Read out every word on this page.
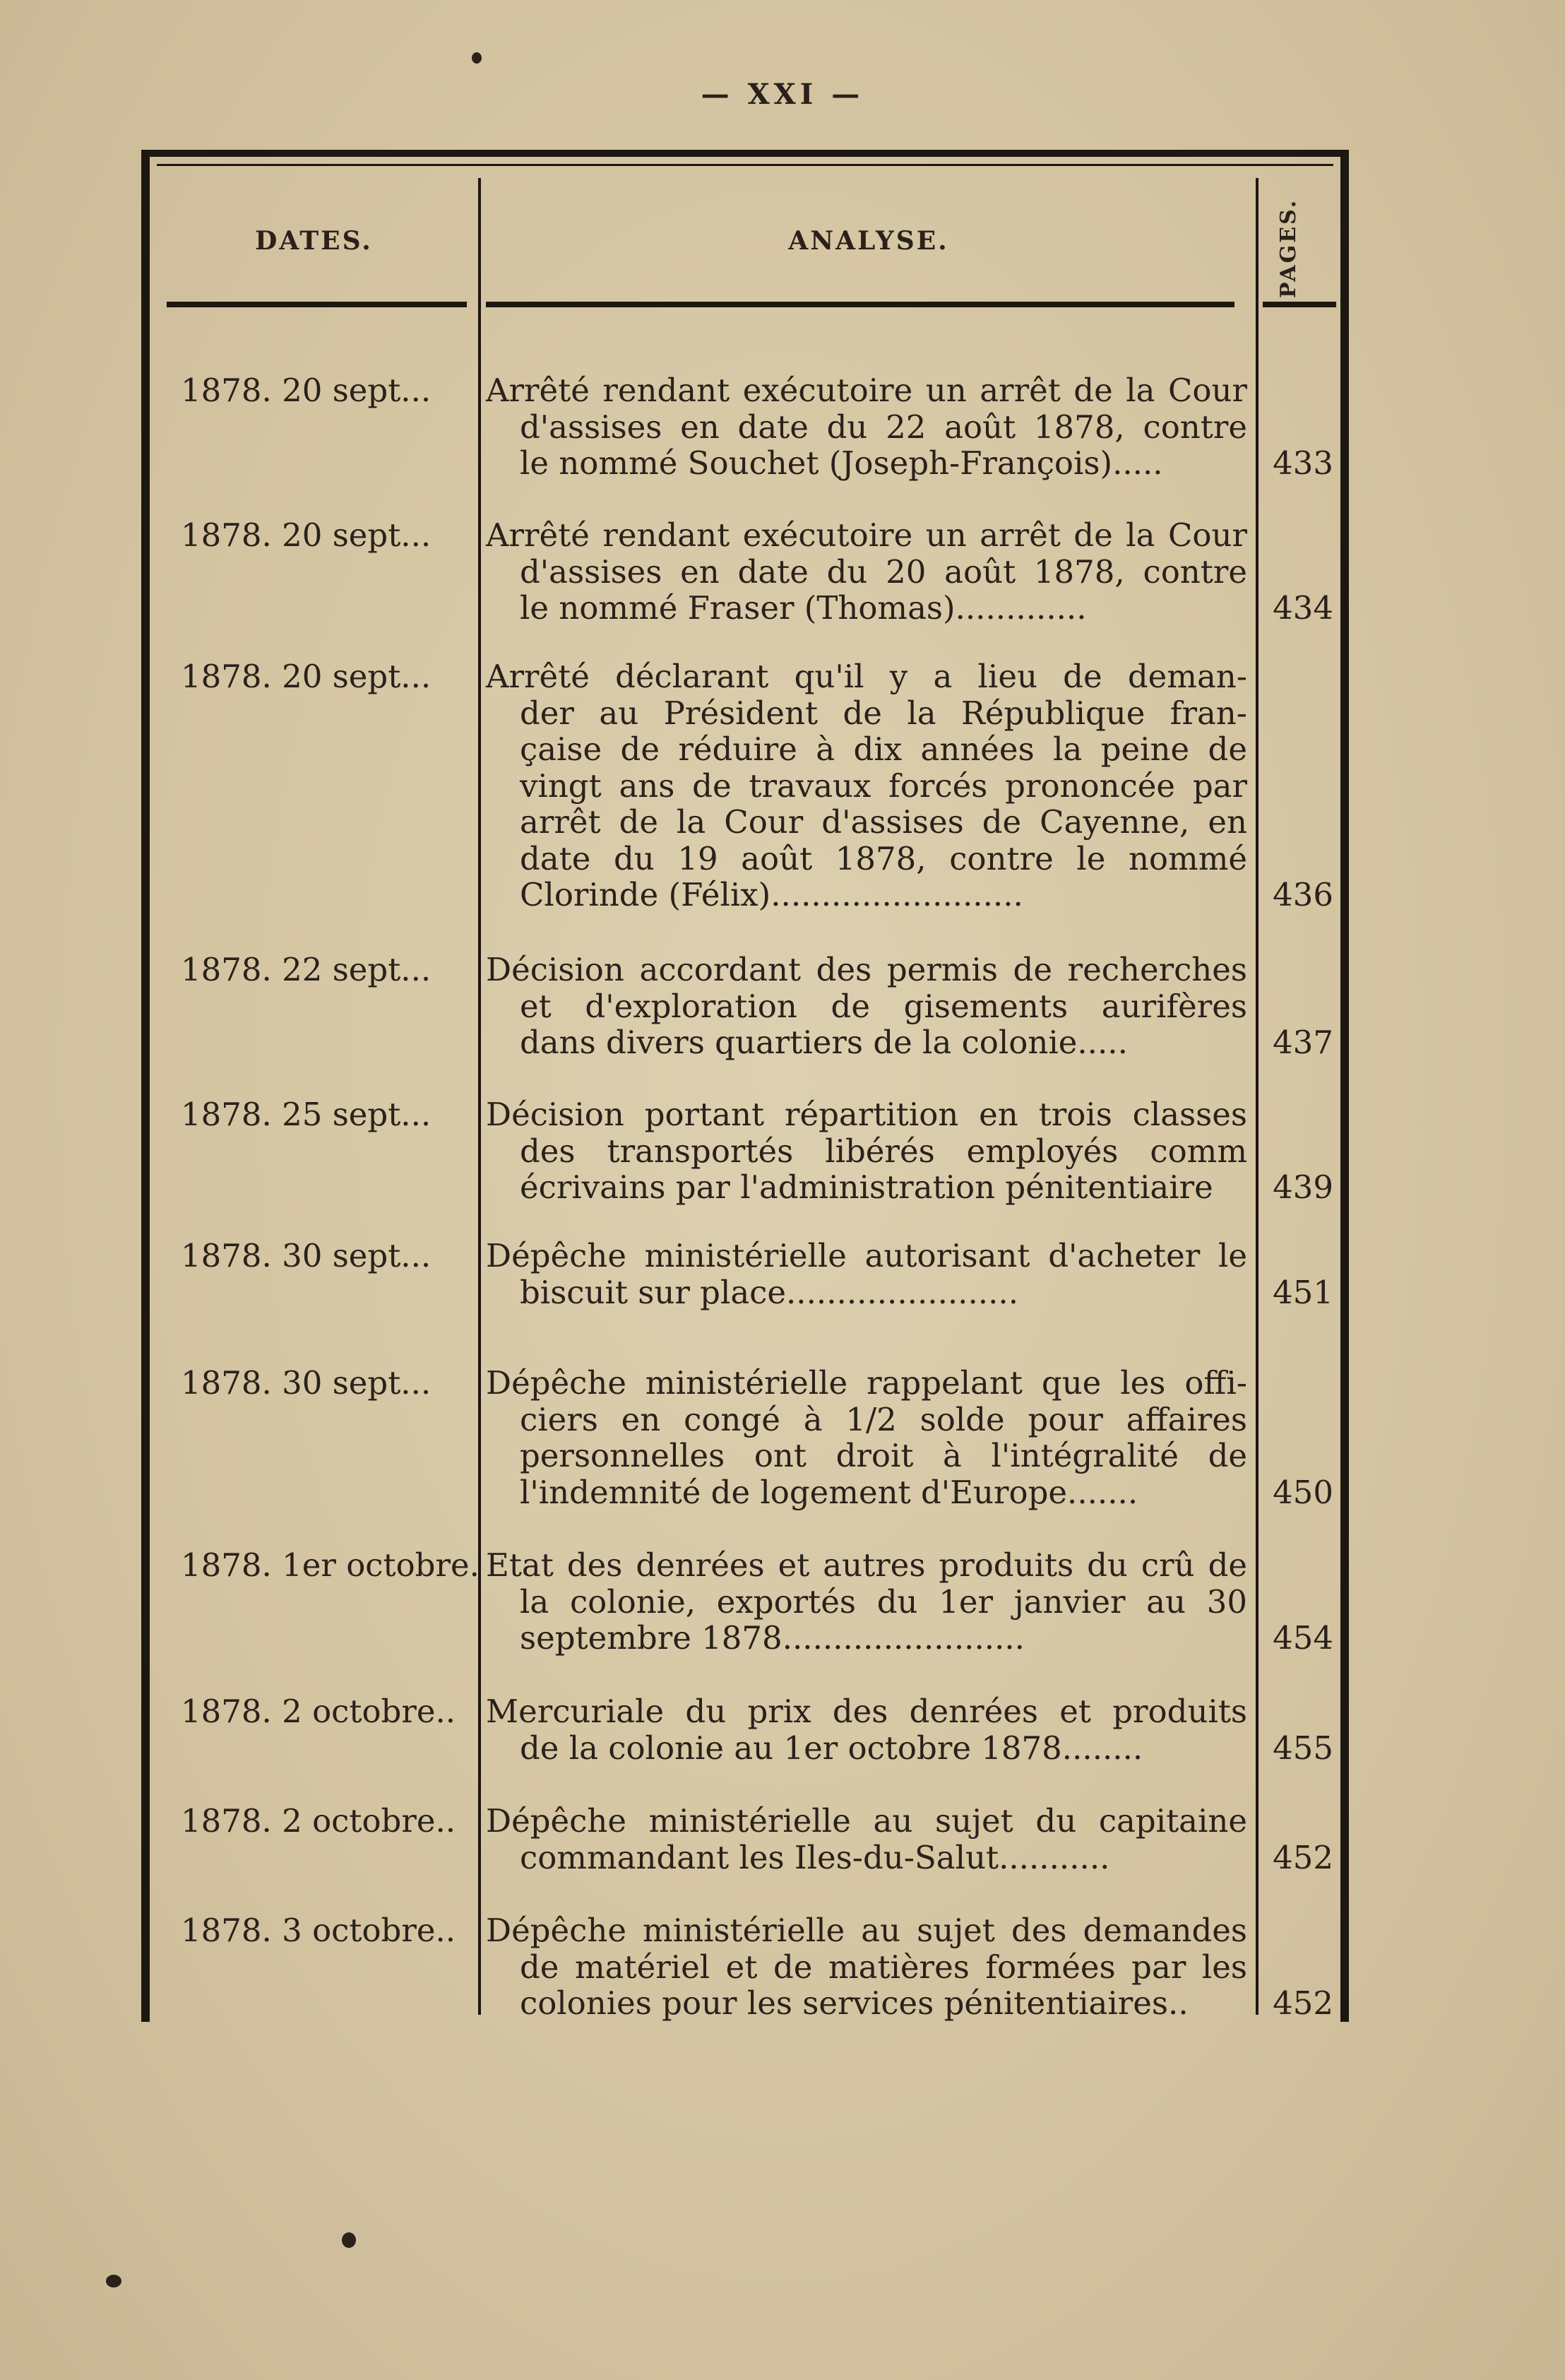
— XXI —
DATES.	ANALYSE.	PAGES.
1878. 20 sept...	Arrêté rendant exécutoire un arrêt de la Cour
d'assises en date du 22 août 1878, contre
le nommé Souchet (Joseph-François).....	433
1878. 20 sept...	Arrêté rendant exécutoire un arrêt de la Cour
d'assises en date du 20 août 1878, contre
le nommé Fraser (Thomas).............	434
1878. 20 sept...	Arrêté déclarant qu'il y a lieu de deman-
der au Président de la République fran-
çaise de réduire à dix années la peine de
vingt ans de travaux forcés prononcée par
arrêt de la Cour d'assises de Cayenne, en
date du 19 août 1878, contre le nommé
Clorinde (Félix).........................	436
1878. 22 sept...	Décision accordant des permis de recherches
et d'exploration de gisements aurifères
dans divers quartiers de la colonie.....	437
1878. 25 sept...	Décision portant répartition en trois classes
des transportés libérés employés comm
écrivains par l'administration pénitentiaire	439
1878. 30 sept...	Dépêche ministérielle autorisant d'acheter le
biscuit sur place.......................	451
1878. 30 sept...	Dépêche ministérielle rappelant que les offi-
ciers en congé à 1/2 solde pour affaires
personnelles ont droit à l'intégralité de
l'indemnité de logement d'Europe.......	450
1878. 1er octobre. Etat des denrées et autres produits du crû de
la colonie, exportés du 1er janvier au 30
septembre 1878........................	454
1878. 2 octobre.. Mercuriale du prix des denrées et produits
de la colonie au 1er octobre 1878........	455
1878. 2 octobre.. Dépêche ministérielle au sujet du capitaine
commandant les Iles-du-Salut...........	452
1878. 3 octobre.. Dépêche ministérielle au sujet des demandes
de matériel et de matières formées par les
colonies pour les services pénitentiaires..	452
